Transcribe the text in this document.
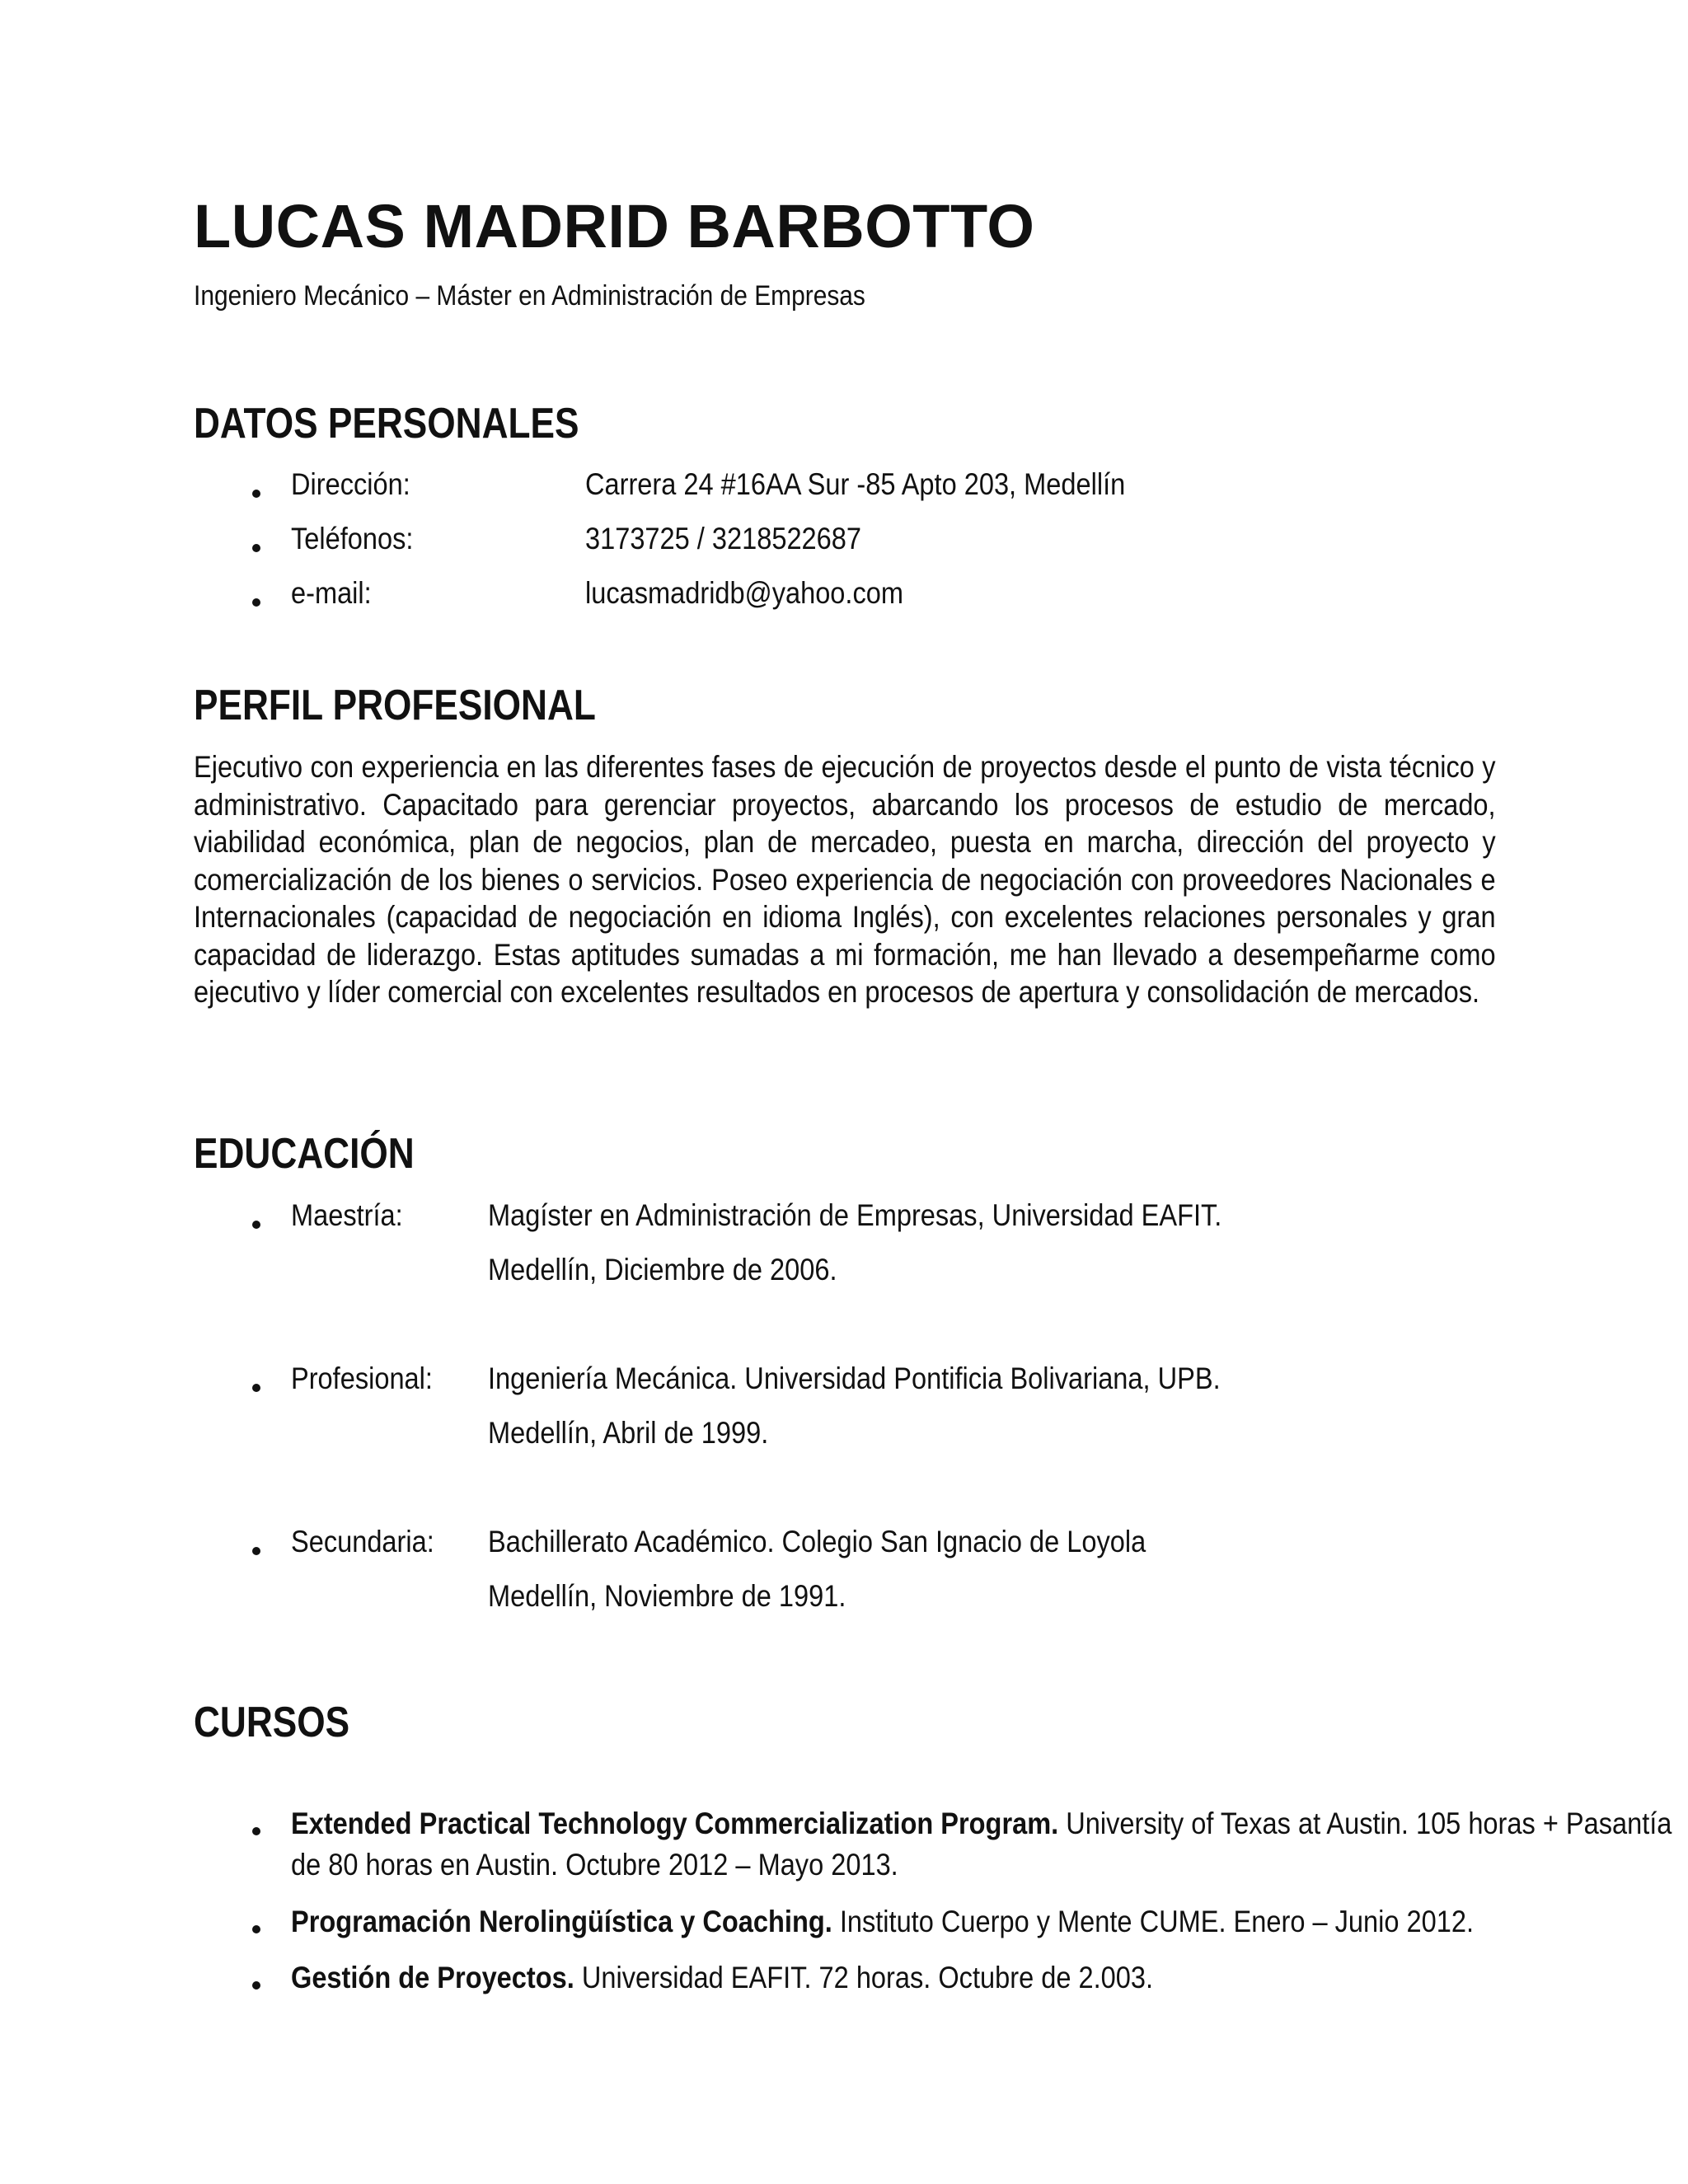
LUCAS MADRID BARBOTTO
Ingeniero Mecánico – Máster en Administración de Empresas
DATOS PERSONALES
Dirección:	Carrera 24 #16AA Sur -85 Apto 203, Medellín
Teléfonos:	3173725 / 3218522687
e-mail:	lucasmadridb@yahoo.com
PERFIL PROFESIONAL
Ejecutivo con experiencia en las diferentes fases de ejecución de proyectos desde el punto de vista técnico y administrativo. Capacitado para gerenciar proyectos, abarcando los procesos de estudio de mercado, viabilidad económica, plan de negocios, plan de mercadeo, puesta en marcha, dirección del proyecto y comercialización de los bienes o servicios. Poseo experiencia de negociación con proveedores Nacionales e Internacionales (capacidad de negociación en idioma Inglés), con excelentes relaciones personales y gran capacidad de liderazgo. Estas aptitudes sumadas a mi formación, me han llevado a desempeñarme como ejecutivo y líder comercial con excelentes resultados en procesos de apertura y consolidación de mercados.
EDUCACIÓN
Maestría:	Magíster en Administración de Empresas, Universidad EAFIT.
Medellín, Diciembre de 2006.
Profesional: Ingeniería Mecánica. Universidad Pontificia Bolivariana, UPB.
Medellín, Abril de 1999.
Secundaria: Bachillerato Académico. Colegio San Ignacio de Loyola
Medellín, Noviembre de 1991.
CURSOS
Extended Practical Technology Commercialization Program. University of Texas at Austin. 105 horas + Pasantía de 80 horas en Austin. Octubre 2012 – Mayo 2013.
Programación Nerolingüística y Coaching. Instituto Cuerpo y Mente CUME. Enero – Junio 2012.
Gestión de Proyectos. Universidad EAFIT. 72 horas. Octubre de 2.003.
